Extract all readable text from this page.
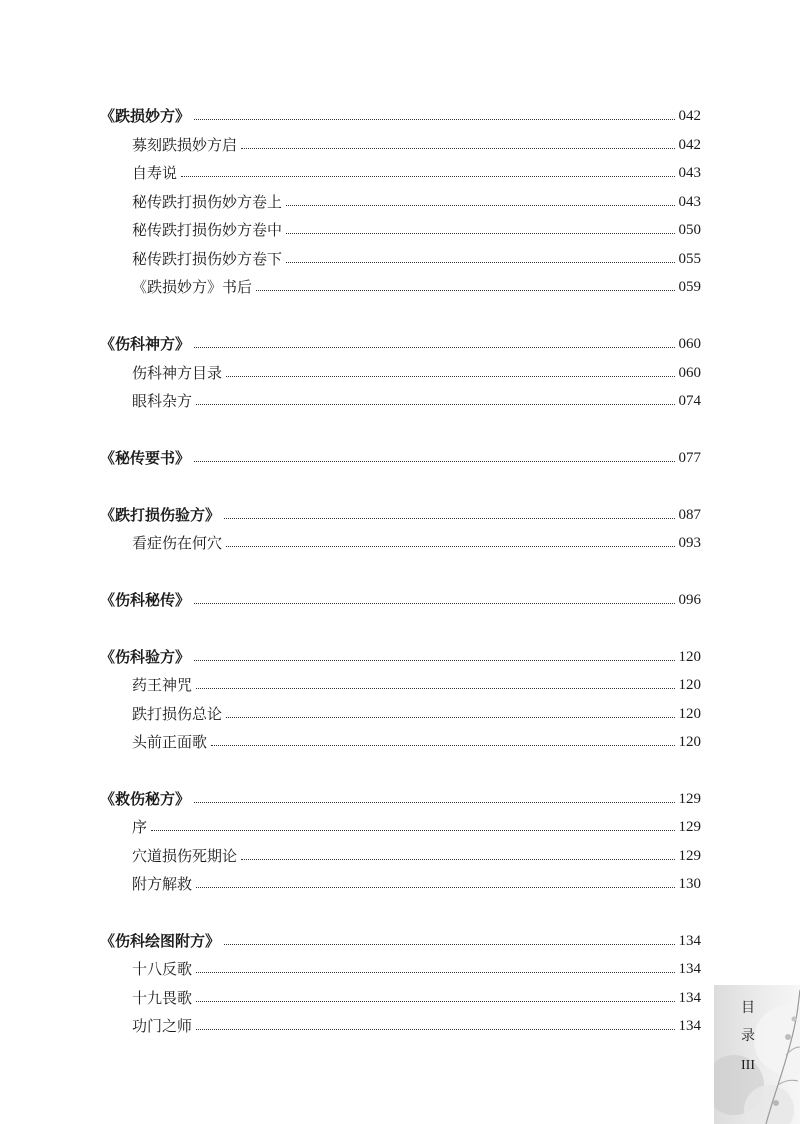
《跌损妙方》	042
募刻跌损妙方启	042
自寿说	043
秘传跌打损伤妙方卷上	043
秘传跌打损伤妙方卷中	050
秘传跌打损伤妙方卷下	055
《跌损妙方》书后	059
《伤科神方》	060
伤科神方目录	060
眼科杂方	074
《秘传要书》	077
《跌打损伤验方》	087
看症伤在何穴	093
《伤科秘传》	096
《伤科验方》	120
药王神咒	120
跌打损伤总论	120
头前正面歌	120
《救伤秘方》	129
序	129
穴道损伤死期论	129
附方解救	130
《伤科绘图附方》	134
十八反歌	134
十九畏歌	134
功门之师	134
目
录
III
